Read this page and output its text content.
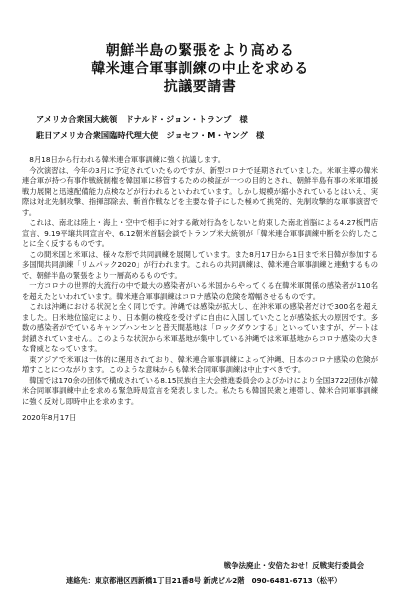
朝鮮半島の緊張をより高める
韓米連合軍事訓練の中止を求める
抗議要請書
アメリカ合衆国大統領　ドナルド・ジョン・トランプ　様
駐日アメリカ合衆国臨時代理大使　ジョセフ・M・ヤング　様

8月18日から行われる韓米連合軍事訓練に強く抗議します。

今次演習は、今年の3月に予定されていたものですが、新型コロナで延期されていました。米軍主導の韓米連合軍が持つ有事作戦統制権を韓国軍に移管するための検証が一つの目的とされ、朝鮮半島有事の米軍増援戦力展開と迅速配備能力点検などが行われるといわれています。しかし規模が縮小されているとはいえ、実際は対北先制攻撃、指揮部除去、斬首作戦などを主要な骨子にした極めて挑発的、先制攻撃的な軍事演習です。

これは、南北は陸上・海上・空中で相手に対する敵対行為をしないと約束した南北首脳による4.27板門店宣言、9.19平壌共同宣言や、6.12朝米首脳会談でトランプ米大統領が「韓米連合軍事訓練中断を公約したことに全く反するものです。

この間米国と米軍は、様々な形で共同訓練を展開しています。また8月17日から1日まで米日韓が参加する多国間共同訓練「リムパック2020」が行われます。これらの共同訓練は、韓米連合軍事訓練と連動するもので、朝鮮半島の緊張をより一層高めるものです。

一方コロナの世界的大流行の中で最大の感染者がいる米国からやってくる在韓米軍関係の感染者が110名を超えたといわれています。韓米連合軍事訓練はコロナ感染の危険を増幅させるものです。

これは沖縄における状況と全く同じです。沖縄では感染が拡大し、在沖米軍の感染者だけで300名を超えました。日米地位協定により、日本側の検疫を受けずに自由に入国していたことが感染拡大の原因です。多数の感染者がでているキャンプハンセンと普天間基地は「ロックダウンする」といっていますが、ゲートは封鎖されていません。このような状況から米軍基地が集中している沖縄では米軍基地からコロナ感染の大きな脅威となっています。

東アジアで米軍は一体的に運用されており、韓米連合軍事訓練によって沖縄、日本のコロナ感染の危険が増すことにつながります。このような意味からも韓米合同軍事訓練は中止すべきです。

韓国では170余の団体で構成されている8.15民族自主大会推進委員会のよびかけにより全国3722団体が韓米合同軍事訓練中止を求める緊急時局宣言を発表しました。私たちも韓国民衆と連帯し、韓米合同軍事訓練に強く反対し即時中止を求めます。

2020年8月17日
戦争法廃止・安倍たおせ！反戦実行委員会
連絡先：東京都港区西新橋1丁目21番8号 新虎ビル2階　090-6481-6713（松平）
